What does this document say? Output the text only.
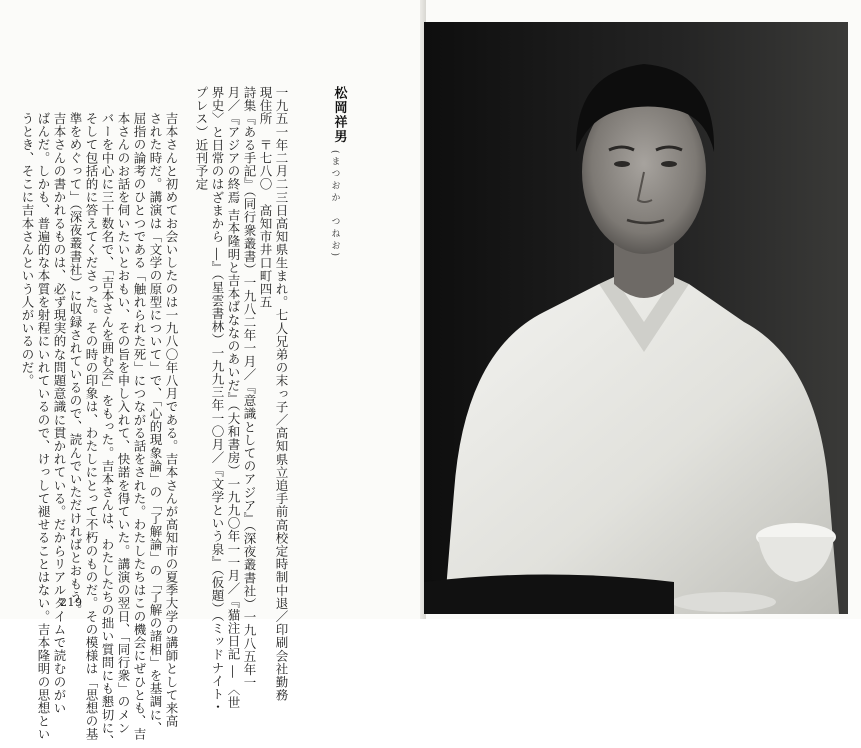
松岡祥男
(まつおか　つねお)
一九五一年二月二三日高知県生まれ。七人兄弟の末っ子／高知県立追手前高校定時制中退／印刷会社勤務
現住所　〒七八〇　高知市井口町四五
詩集『ある手記』（同行衆叢書）一九八二年一月／『意識としてのアジア』（深夜叢書社）一九八五年一
月／『アジアの終焉 吉本隆明と吉本ばななのあいだ』（大和書房）一九九〇年一一月／『猫注日記 ― 〈世
界史〉と日常のはざまから ―』（星雲書林）一九九三年一〇月／『文学という泉』（仮題）（ミッドナイト・
プレス）近刊予定
吉本さんと初めてお会いしたのは一九八〇年八月である。吉本さんが高知市の夏季大学の講師として来高
された時だ。講演は「文学の原型について」で、「心的現象論」の「了解論」の「了解の諸相」を基調に、
屈指の論考のひとつである「触れられた死」につながる話をされた。わたしたちはこの機会にぜひとも、吉
本さんのお話を伺いたいとおもい、その旨を申し入れて、快諾を得ていた。講演の翌日、「同行衆」のメン
バーを中心に三十数名で、「吉本さんを囲む会」をもった。吉本さんは、わたしたちの拙い質問にも懇切に、
そして包括的に答えてくださった。その時の印象は、わたしにとって不朽のものだ。その模様は「思想の基
準をめぐって」（深夜叢書社）に収録されているので、読んでいただければとおもう。
吉本さんの書かれるものは、必ず現実的な問題意識に貫かれている。だからリアルタイムで読むのがい
ばんだ。しかも、普遍的な本質を射程にいれているので、けっして褪せることはない。吉本隆明の思想とい
うとき、そこに吉本さんという人がいるのだ。
219
